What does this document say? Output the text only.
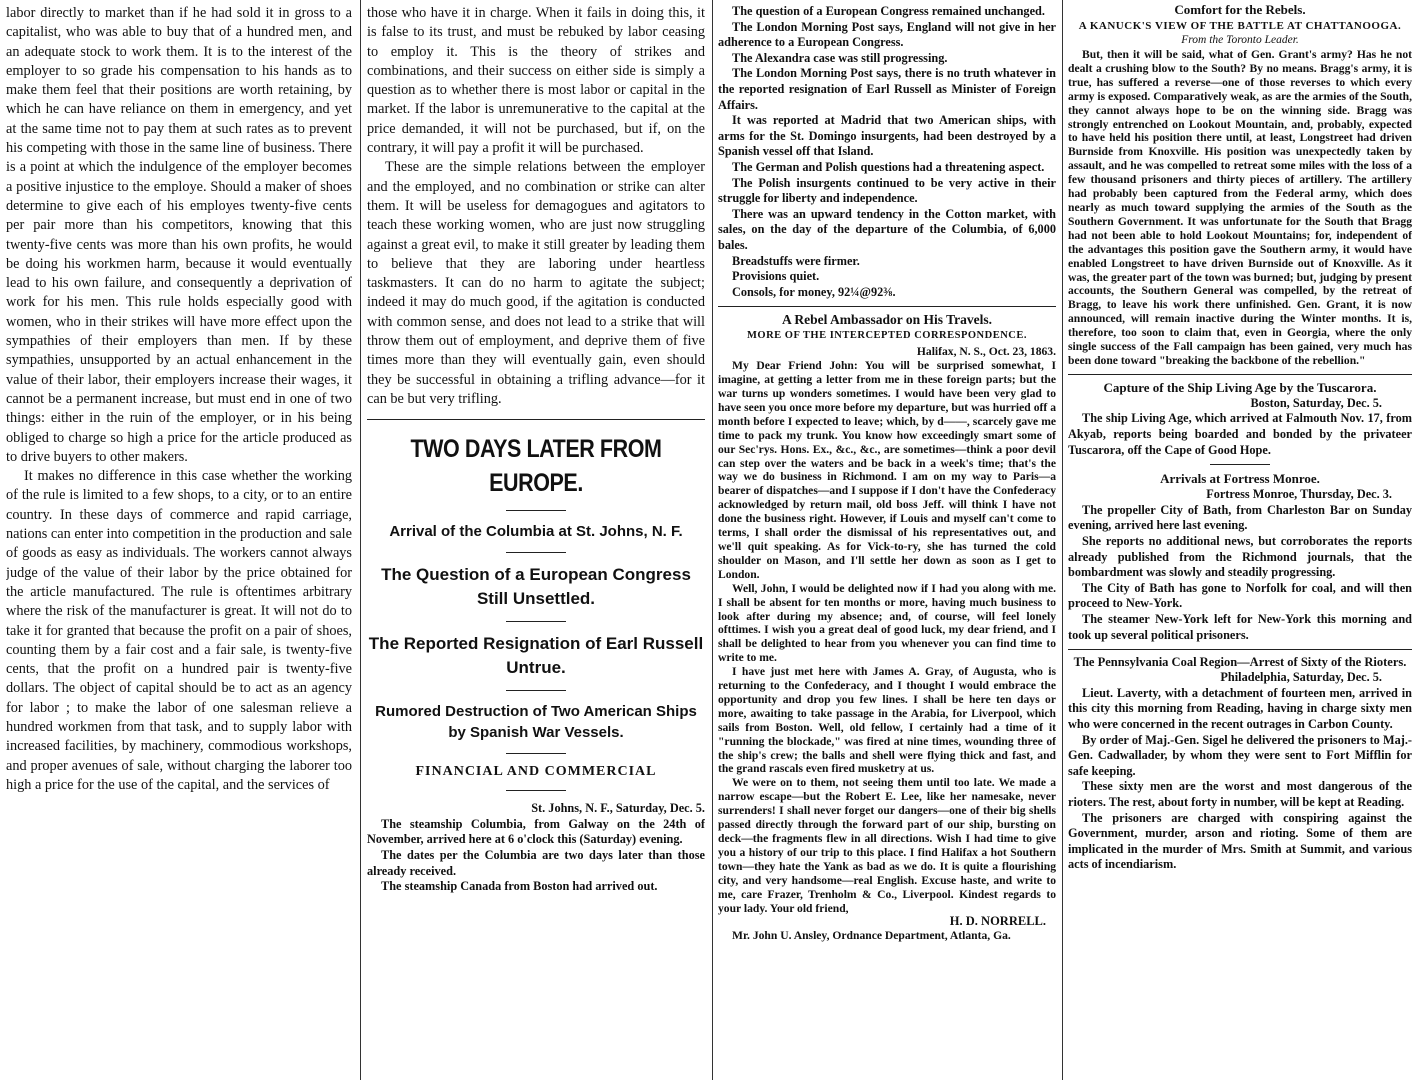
labor directly to market than if he had sold it in gross to a capitalist, who was able to buy that of a hundred men, and an adequate stock to work them. It is to the interest of the employer to so grade his compensation to his hands as to make them feel that their positions are worth retaining, by which he can have reliance on them in emergency, and yet at the same time not to pay them at such rates as to prevent his competing with those in the same line of business. There is a point at which the indulgence of the employer becomes a positive injustice to the employe. Should a maker of shoes determine to give each of his employes twenty-five cents per pair more than his competitors, knowing that this twenty-five cents was more than his own profits, he would be doing his workmen harm, because it would eventually lead to his own failure, and consequently a deprivation of work for his men. This rule holds especially good with women, who in their strikes will have more effect upon the sympathies of their employers than men. If by these sympathies, unsupported by an actual enhancement in the value of their labor, their employers increase their wages, it cannot be a permanent increase, but must end in one of two things: either in the ruin of the employer, or in his being obliged to charge so high a price for the article produced as to drive buyers to other makers.

It makes no difference in this case whether the working of the rule is limited to a few shops, to a city, or to an entire country. In these days of commerce and rapid carriage, nations can enter into competition in the production and sale of goods as easy as individuals. The workers cannot always judge of the value of their labor by the price obtained for the article manufactured. The rule is oftentimes arbitrary where the risk of the manufacturer is great. It will not do to take it for granted that because the profit on a pair of shoes, counting them by a fair cost and a fair sale, is twenty-five cents, that the profit on a hundred pair is twenty-five dollars. The object of capital should be to act as an agency for labor ; to make the labor of one salesman relieve a hundred workmen from that task, and to supply labor with increased facilities, by machinery, commodious workshops, and proper avenues of sale, without charging the laborer too high a price for the use of the capital, and the services of

those who have it in charge. When it fails in doing this, it is false to its trust, and must be rebuked by labor ceasing to employ it. This is the theory of strikes and combinations, and their success on either side is simply a question as to whether there is most labor or capital in the market. If the labor is unremunerative to the capital at the price demanded, it will not be purchased, but if, on the contrary, it will pay a profit it will be purchased.

These are the simple relations between the employer and the employed, and no combination or strike can alter them. It will be useless for demagogues and agitators to teach these working women, who are just now struggling against a great evil, to make it still greater by leading them to believe that they are laboring under heartless taskmasters. It can do no harm to agitate the subject; indeed it may do much good, if the agitation is conducted with common sense, and does not lead to a strike that will throw them out of employment, and deprive them of five times more than they will eventually gain, even should they be successful in obtaining a trifling advance—for it can be but very trifling.

TWO DAYS LATER FROM EUROPE.
Arrival of the Columbia at St. Johns, N. F.
The Question of a European Congress Still Unsettled.
The Reported Resignation of Earl Russell Untrue.
Rumored Destruction of Two American Ships by Spanish War Vessels.
FINANCIAL AND COMMERCIAL

St. Johns, N. F., Saturday, Dec. 5.

The steamship Columbia, from Galway on the 24th of November, arrived here at 6 o'clock this (Saturday) evening.

The dates per the Columbia are two days later than those already received.

The steamship Canada from Boston had arrived out.

The question of a European Congress remained unchanged.

The London Morning Post says, England will not give in her adherence to a European Congress.

The Alexandra case was still progressing.

The London Morning Post says, there is no truth whatever in the reported resignation of Earl Russell as Minister of Foreign Affairs.

It was reported at Madrid that two American ships, with arms for the St. Domingo insurgents, had been destroyed by a Spanish vessel off that Island.

The German and Polish questions had a threatening aspect.

The Polish insurgents continued to be very active in their struggle for liberty and independence.

There was an upward tendency in the Cotton market, with sales, on the day of the departure of the Columbia, of 6,000 bales.

Breadstuffs were firmer.

Provisions quiet.

Consols, for money, 92¼@92⅜.

A Rebel Ambassador on His Travels.
MORE OF THE INTERCEPTED CORRESPONDENCE.

Halifax, N. S., Oct. 23, 1863.

My Dear Friend John: You will be surprised somewhat, I imagine, at getting a letter from me in these foreign parts; but the war turns up wonders sometimes. I would have been very glad to have seen you once more before my departure, but was hurried off a month before I expected to leave; which, by d——, scarcely gave me time to pack my trunk. You know how exceedingly smart some of our Sec'rys. Hons. Ex., &c., &c., are sometimes—think a poor devil can step over the waters and be back in a week's time; that's the way we do business in Richmond. I am on my way to Paris—a bearer of dispatches—and I suppose if I don't have the Confederacy acknowledged by return mail, old boss Jeff. will think I have not done the business right. However, if Louis and myself can't come to terms, I shall order the dismissal of his representatives out, and we'll quit speaking. As for Vick-to-ry, she has turned the cold shoulder on Mason, and I'll settle her down as soon as I get to London.

Well, John, I would be delighted now if I had you along with me. I shall be absent for ten months or more, having much business to look after during my absence; and, of course, will feel lonely ofttimes. I wish you a great deal of good luck, my dear friend, and I shall be delighted to hear from you whenever you can find time to write to me.

I have just met here with James A. Gray, of Augusta, who is returning to the Confederacy, and I thought I would embrace the opportunity and drop you few lines. I shall be here ten days or more, awaiting to take passage in the Arabia, for Liverpool, which sails from Boston. Well, old fellow, I certainly had a time of it "running the blockade," was fired at nine times, wounding three of the ship's crew; the balls and shell were flying thick and fast, and the grand rascals even fired musketry at us.

We were on to them, not seeing them until too late. We made a narrow escape—but the Robert E. Lee, like her namesake, never surrenders! I shall never forget our dangers—one of their big shells passed directly through the forward part of our ship, bursting on deck—the fragments flew in all directions. Wish I had time to give you a history of our trip to this place. I find Halifax a hot Southern town—they hate the Yank as bad as we do. It is quite a flourishing city, and very handsome—real English. Excuse haste, and write to me, care Frazer, Trenholm & Co., Liverpool. Kindest regards to your lady. Your old friend,

H. D. NORRELL.

Mr. John U. Ansley, Ordnance Department, Atlanta, Ga.

Comfort for the Rebels.
A KANUCK'S VIEW OF THE BATTLE AT CHATTANOOGA.
From the Toronto Leader.

But, then it will be said, what of Gen. Grant's army? Has he not dealt a crushing blow to the South? By no means. Bragg's army, it is true, has suffered a reverse—one of those reverses to which every army is exposed. Comparatively weak, as are the armies of the South, they cannot always hope to be on the winning side. Bragg was strongly entrenched on Lookout Mountain, and, probably, expected to have held his position there until, at least, Longstreet had driven Burnside from Knoxville. His position was unexpectedly taken by assault, and he was compelled to retreat some miles with the loss of a few thousand prisoners and thirty pieces of artillery. The artillery had probably been captured from the Federal army, which does nearly as much toward supplying the armies of the South as the Southern Government. It was unfortunate for the South that Bragg had not been able to hold Lookout Mountains; for, independent of the advantages this position gave the Southern army, it would have enabled Longstreet to have driven Burnside out of Knoxville. As it was, the greater part of the town was burned; but, judging by present accounts, the Southern General was compelled, by the retreat of Bragg, to leave his work there unfinished. Gen. Grant, it is now announced, will remain inactive during the Winter months. It is, therefore, too soon to claim that, even in Georgia, where the only single success of the Fall campaign has been gained, very much has been done toward "breaking the backbone of the rebellion."

Capture of the Ship Living Age by the Tuscarora.

Boston, Saturday, Dec. 5.

The ship Living Age, which arrived at Falmouth Nov. 17, from Akyab, reports being boarded and bonded by the privateer Tuscarora, off the Cape of Good Hope.

Arrivals at Fortress Monroe.

Fortress Monroe, Thursday, Dec. 3.

The propeller City of Bath, from Charleston Bar on Sunday evening, arrived here last evening.

She reports no additional news, but corroborates the reports already published from the Richmond journals, that the bombardment was slowly and steadily progressing.

The City of Bath has gone to Norfolk for coal, and will then proceed to New-York.

The steamer New-York left for New-York this morning and took up several political prisoners.

The Pennsylvania Coal Region—Arrest of Sixty of the Rioters.

Philadelphia, Saturday, Dec. 5.

Lieut. Laverty, with a detachment of fourteen men, arrived in this city this morning from Reading, having in charge sixty men who were concerned in the recent outrages in Carbon County.

By order of Maj.-Gen. Sigel he delivered the prisoners to Maj.-Gen. Cadwallader, by whom they were sent to Fort Mifflin for safe keeping.

These sixty men are the worst and most dangerous of the rioters. The rest, about forty in number, will be kept at Reading.

The prisoners are charged with conspiring against the Government, murder, arson and rioting. Some of them are implicated in the murder of Mrs. Smith at Summit, and various acts of incendiarism.
